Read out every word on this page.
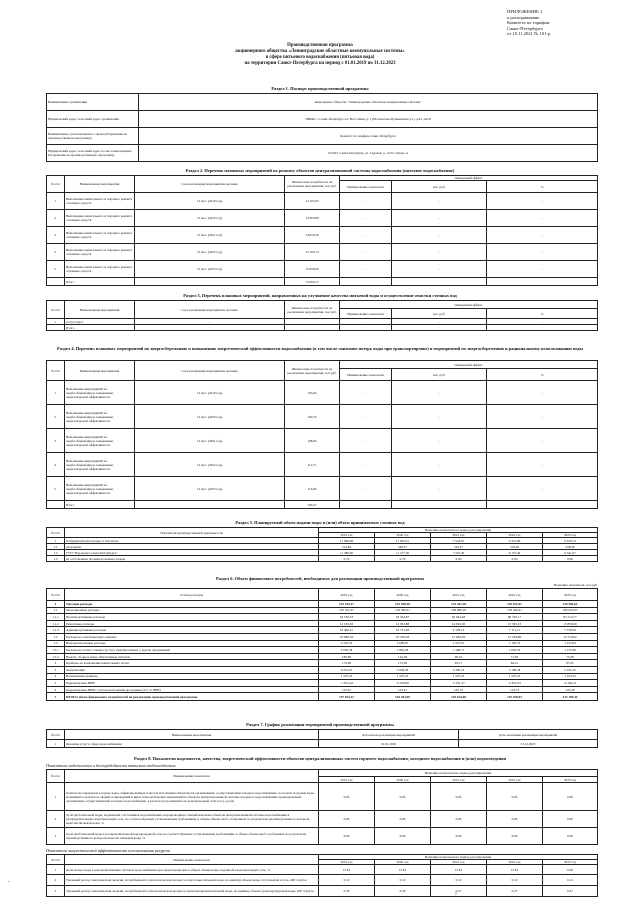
ПРИЛОЖЕНИЕ 1
к распоряжению
Комитета по тарифам
Санкт-Петербурга
от 10.11.2021 № 101-р
Производственная программа
акционерного общества «Ленинградские областные коммунальные системы»
в сфере питьевого водоснабжения (питьевая вода)
на территории Санкт-Петербурга на период с 01.01.2019 по 31.12.2023
Раздел 1. Паспорт производственной программы
Наименование организации	акционерное общество "Ленинградские областные коммунальные системы"
Юридический адрес, почтовый адрес организации	188640, г. Санкт-Петербург, пл. Восстания, д. 1 (Московская-Пушкинская ул.), д.81, лит.Б
Наименование уполномоченного органа (Разрешение на производственную программу)	Комитет по тарифам Санкт-Петербурга
Юридический адрес, почтовый адрес по местонахождению (Разрешение на производственную программу)	191023, Санкт-Петербург, ул. Садовая, д. 14/52, литера А
Раздел 2. Перечень плановых мероприятий по ремонту объектов централизованной системы водоснабжения (питьевое водоснабжение)
№ п/п	Наименование мероприятия	Срок реализации мероприятия, месяцев	Финансовые потребности на реализацию мероприятия, тыс.руб.	Ожидаемый эффект		
				Наименование показателя	тыс. руб.	%
1.	Выполнение капитального и текущего ремонта основных средств	12 мес. (2019 год)	14 165,63	-	-	-
2.	Выполнение капитального и текущего ремонта основных средств	12 мес. (2020 год)	14 363,88	-	-	-
3.	Выполнение капитального и текущего ремонта основных средств	12 мес. (2021 год)	14 816,56	-	-	-
4.	Выполнение капитального и текущего ремонта основных средств	12 мес. (2022 год)	15 395,13	-	-	-
5.	Выполнение капитального и текущего ремонта основных средств	12 мес. (2023 год)	15 858,96	-	-	-
	Итого		74 600,17			
Раздел 3. Перечень плановых мероприятий, направленных на улучшение качества питьевой воды и осуществление очистки сточных вод
№ п/п	Наименование мероприятия	Срок реализации мероприятия, месяцев	Финансовые потребности на реализацию мероприятия, тыс.руб.	Ожидаемый эффект		
				Наименование показателя	тыс. руб.	%
1.	Отсутствует	-	-	-	-	-
	Итого		-			
Раздел 4. Перечень плановых мероприятий по энергосбережению и повышению энергетической эффективности водоснабжения (в том числе снижение потерь воды при транспортировке) и мероприятий по энергосбережению и рациональному использованию воды
№ п/п	Наименование мероприятия	Срок реализации мероприятия, месяцев	Финансовые потребности на реализацию мероприятия, тыс.руб.	Ожидаемый эффект		
				Наименование показателя	тыс. руб.	%
1.	Выполнение мероприятий по энергосбережению и повышению энергетической эффективности	12 мес. (2019 год)	105,64	-	-	-
2.	Выполнение мероприятий по энергосбережению и повышению энергетической эффективности	12 мес. (2020 год)	109,23	-	-	-
3.	Выполнение мероприятий по энергосбережению и повышению энергетической эффективности	12 мес. (2021 год)	108,84	-	-	-
4.	Выполнение мероприятий по энергосбережению и повышению энергетической эффективности	12 мес. (2022 год)	112,71	-	-	-
5.	Выполнение мероприятий по энергосбережению и повышению энергетической эффективности	12 мес. (2023 год)	116,06	-	-	-
	Итого		599,47			
Раздел 5. Планируемый объем подачи воды и (или) объем принимаемых сточных вод
№ п/п	Показатели производственной деятельности	Величина показателя на период регулирования				
		2019 год	2020 год	2021 год	2022 год	2023 год
1	Отпущено(подано) воды, в том числе	11 966,48	11 935,61	7 544,67	6 475,86	6 670,13
1.1	населению	514,84	548,27	319,27	318,40	328,46
1.2	ГУП "Водоканал Санкт-Петербурга"	11 380,06	11 317,36	7 225,40	6 157,46	6 341,67
1.3	на собственные производственные нужды	0,79	0,79	0,00	0,00	0,00
Раздел 6. Объем финансовых потребностей, необходимых для реализации производственной программы
Величина показателя, тыс.руб.
№ п/п	Статьи расходов	2019 год	2020 год	2021 год	2022 год	2023 год
1	Текущие расходы	151 194,17	151 938,36	123 441,38	116 522,01	120 584,63
1.1	Операционные расходы	125 102,37	124 590,21	108 989,18	103 246,41	106 652,67
1.1.1	Производственные расходы	94 536,33	93 544,87	85 044,48	80 740,17	83 214,77
1.1.2	Ремонтные расходы	14 165,63	14 363,88	14 816,56	15 395,13	15 858,96
1.1.3	Административные расходы	16 400,41	16 721,46	9 128,14	7 111,11	7 578,94
1.2	Расходы на электрическую энергию	23 868,56	25 338,28	12 904,39	12 109,86	12 719,02
1.3	Неподконтрольные расходы	2 223,24	2 009,87	1 547,81	1 165,74	1 212,94
1.3.1	Расходы на оплату товаров (услуг), приобретаемых у других организаций	2 042,38	1 865,28	1 448,71	1 093,79	1 137,66
1.3.2	Налоги, сборы и иные обязательные платежи	180,86	144,59	99,10	71,95	75,28
2	Прибыль на возмещение капитальных затрат	179,48	175,36	93,17	84,21	87,05
3	Амортизация	6 221,07	5 930,29	5 430,74	5 108,38	5 191,25
4	Нормативная прибыль	1 225,23	1 225,23	1 225,23	1 225,23	1 225,23
5	Корректировка НВВ	-1 052,44	-5 010,06	-5 191,57	-3 812,53	-4 104,21
6	Корректировка НВВ с учетом исполнения программы (2% от НВВ)	155,91	103,91	165,73	122,73	125,49
7	ИТОГО объем финансовых потребностей на реализацию производственной программы	157 924,12	154 363,09	125 164,68	119 250,03	123 109,44
Раздел 7. График реализации мероприятий производственной программы
№ п/п	Наименование мероприятия	Дата начала реализации мероприятий	Дата окончания реализации мероприятий
1	Оказание услуг в сфере водоснабжения	01.01.2019	31.12.2023
Раздел 8. Показатели надежности, качества, энергетической эффективности объектов централизованных систем горячего водоснабжения, холодного водоснабжения и (или) водоотведения
Показатели надежности и бесперебойности питьевого водоснабжения
№ п/п	Наименование показателя	Величина показателя на период регулирования				
		2019 год	2020 год	2021 год	2022 год	2023 год
1	Количество перерывов в подаче воды, зафиксированных в местах исполнения обязательств организацией, осуществляющей холодное водоснабжение, по подаче холодной воды, возникших в результате аварий, повреждений и иных технологических нарушений на объектах централизованной системы холодного водоснабжения, принадлежащих организации, осуществляющей холодное водоснабжение, в расчете на протяженность водопроводной сети в год, ед./км	0,00	0,00	0,00	0,00	0,00
2	Доля проб питьевой воды, подаваемой с источников водоснабжения, водопроводных станций или иных объектов централизованной системы водоснабжения в распределительную водопроводную сеть, не соответствующих установленным требованиям, в общем объеме проб, отобранных по результатам производственного контроля качества питьевой воды, %	0,00	0,00	0,00	0,00	0,00
3	Доля проб питьевой воды в распределительной водопроводной сети, не соответствующих установленным требованиям, в общем объеме проб, отобранных по результатам производственного контроля качества питьевой воды, %	0,00	0,00	0,00	0,00	0,00
Показатели энергетической эффективности использования ресурсов
№ п/п	Наименование показателя	Величина показателя на период регулирования				
		2019 год	2020 год	2021 год	2022 год	2023 год
1	Доля потерь воды в централизованных системах водоснабжения при транспортировке в общем объеме воды, поданной в водопроводную сеть, %	13,81	13,81	13,81	13,81	13,81
2	Удельный расход электрической энергии, потребляемой в технологическом процессе подготовки питьевой воды, на единицу объема воды, отпускаемой в сеть, кВт·ч/куб.м	0,12	0,12	0,12	0,12	0,12
3	Удельный расход электрической энергии, потребляемой в технологическом процессе транспортировки питьевой воды, на единицу объема транспортируемой воды, кВт·ч/куб.м	0,30	0,29	0,27	0,27	0,27
-
²
